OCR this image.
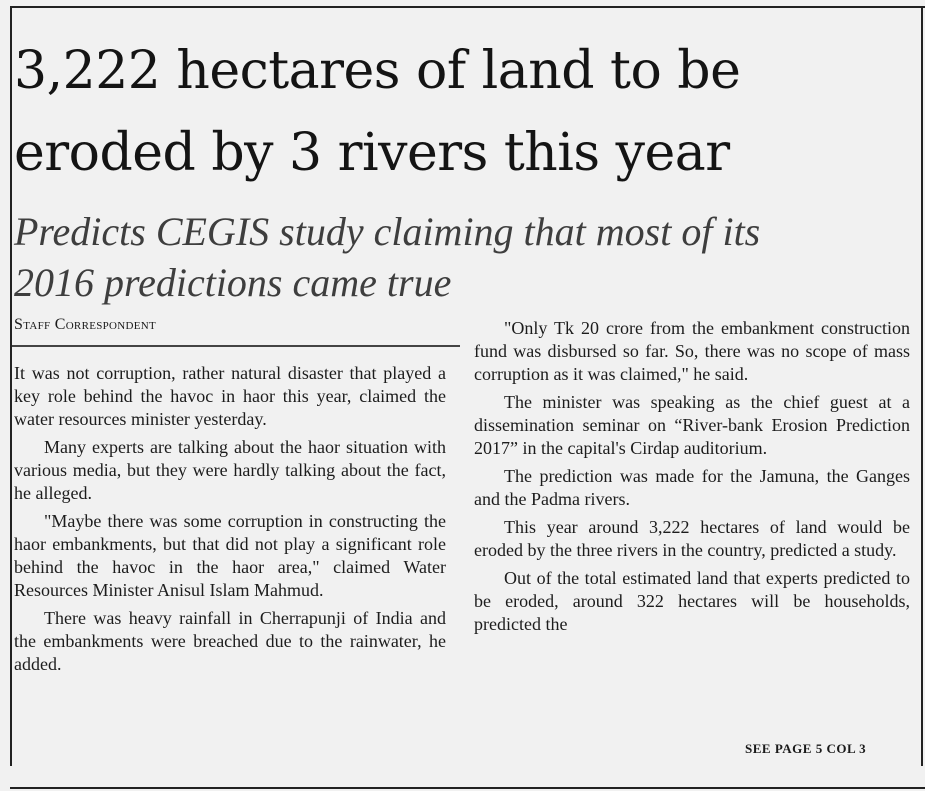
3,222 hectares of land to be
eroded by 3 rivers this year
Predicts CEGIS study claiming that most of its
2016 predictions came true
Staff Correspondent

It was not corruption, rather natural disaster that played a key role behind the havoc in haor this year, claimed the water resources minister yesterday.

Many experts are talking about the haor situation with various media, but they were hardly talking about the fact, he alleged.

"Maybe there was some corruption in constructing the haor embankments, but that did not play a significant role behind the havoc in the haor area," claimed Water Resources Minister Anisul Islam Mahmud.

There was heavy rainfall in Cherrapunji of India and the embankments were breached due to the rainwater, he added.

"Only Tk 20 crore from the embankment construction fund was disbursed so far. So, there was no scope of mass corruption as it was claimed," he said.

The minister was speaking as the chief guest at a dissemination seminar on “River-bank Erosion Prediction 2017” in the capital's Cirdap auditorium.

The prediction was made for the Jamuna, the Ganges and the Padma rivers.

This year around 3,222 hectares of land would be eroded by the three rivers in the country, predicted a study.

Out of the total estimated land that experts predicted to be eroded, around 322 hectares will be households, predicted the

SEE PAGE 5 COL 3
